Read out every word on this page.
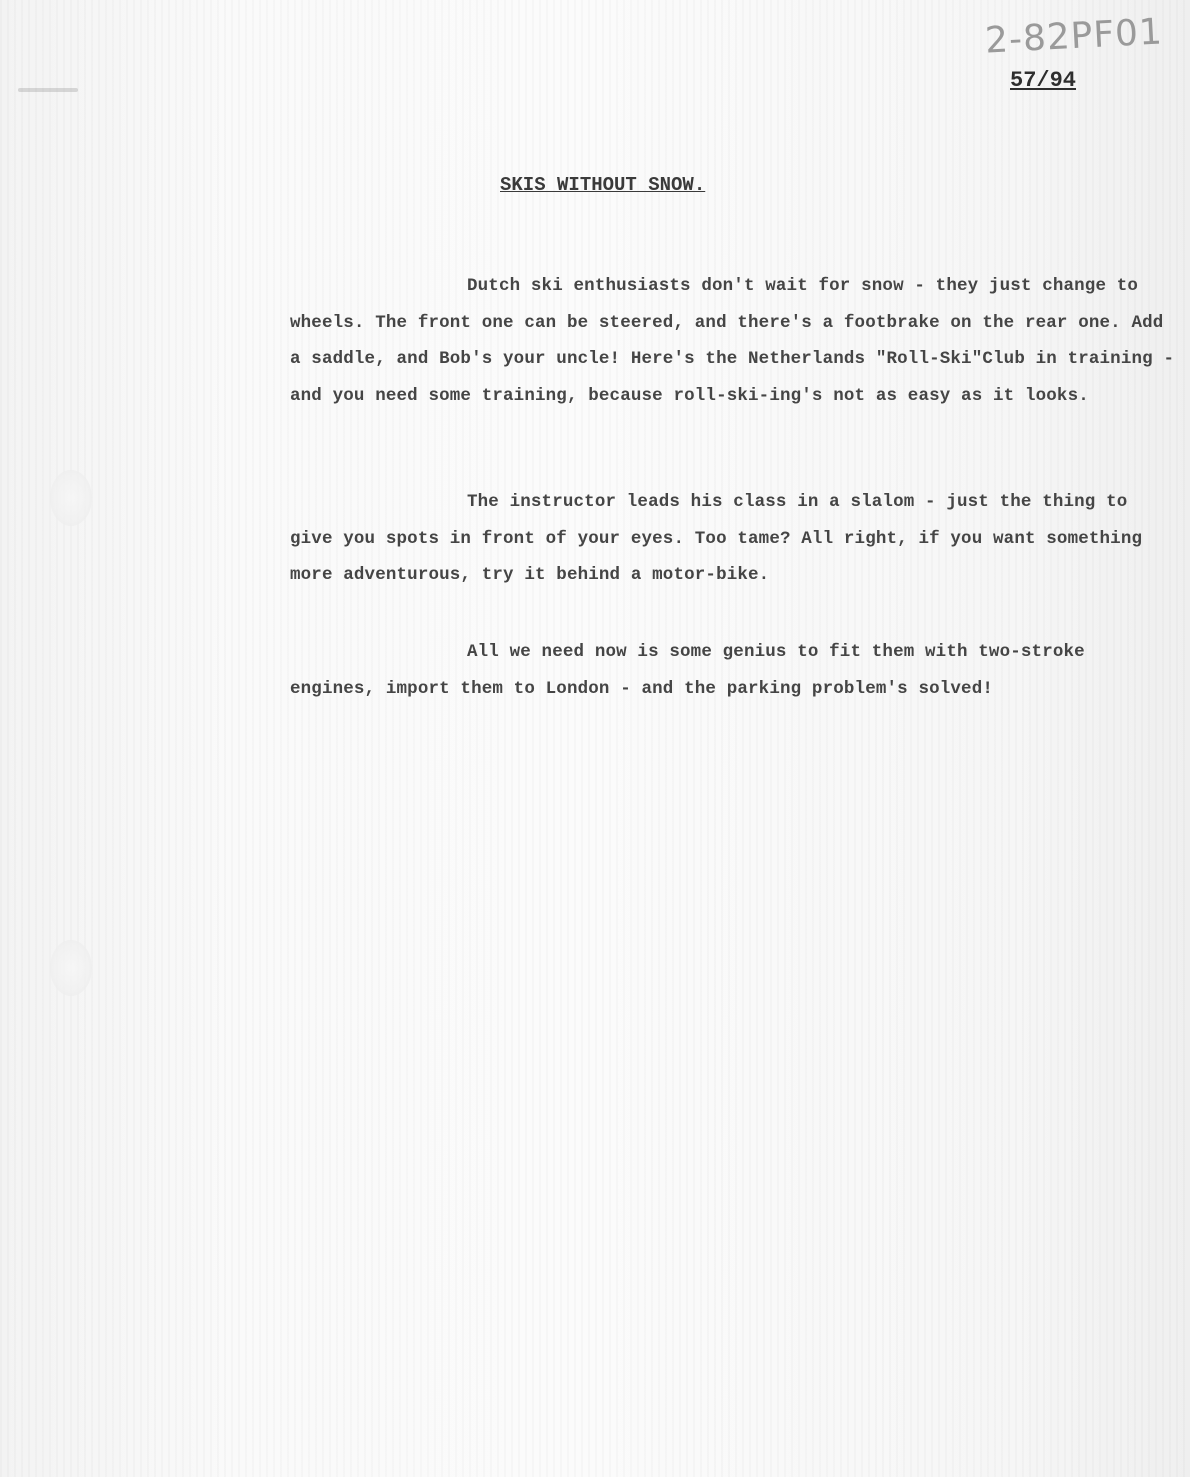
2-82PF01
57/94
SKIS WITHOUT SNOW.

Dutch ski enthusiasts don't wait for snow - they just change to wheels. The front one can be steered, and there's a footbrake on the rear one. Add a saddle, and Bob's your uncle! Here's the Netherlands "Roll-Ski"Club in training - and you need some training, because roll-ski-ing's not as easy as it looks.

The instructor leads his class in a slalom - just the thing to give you spots in front of your eyes. Too tame? All right, if you want something more adventurous, try it behind a motor-bike.

All we need now is some genius to fit them with two-stroke engines, import them to London - and the parking problem's solved!
